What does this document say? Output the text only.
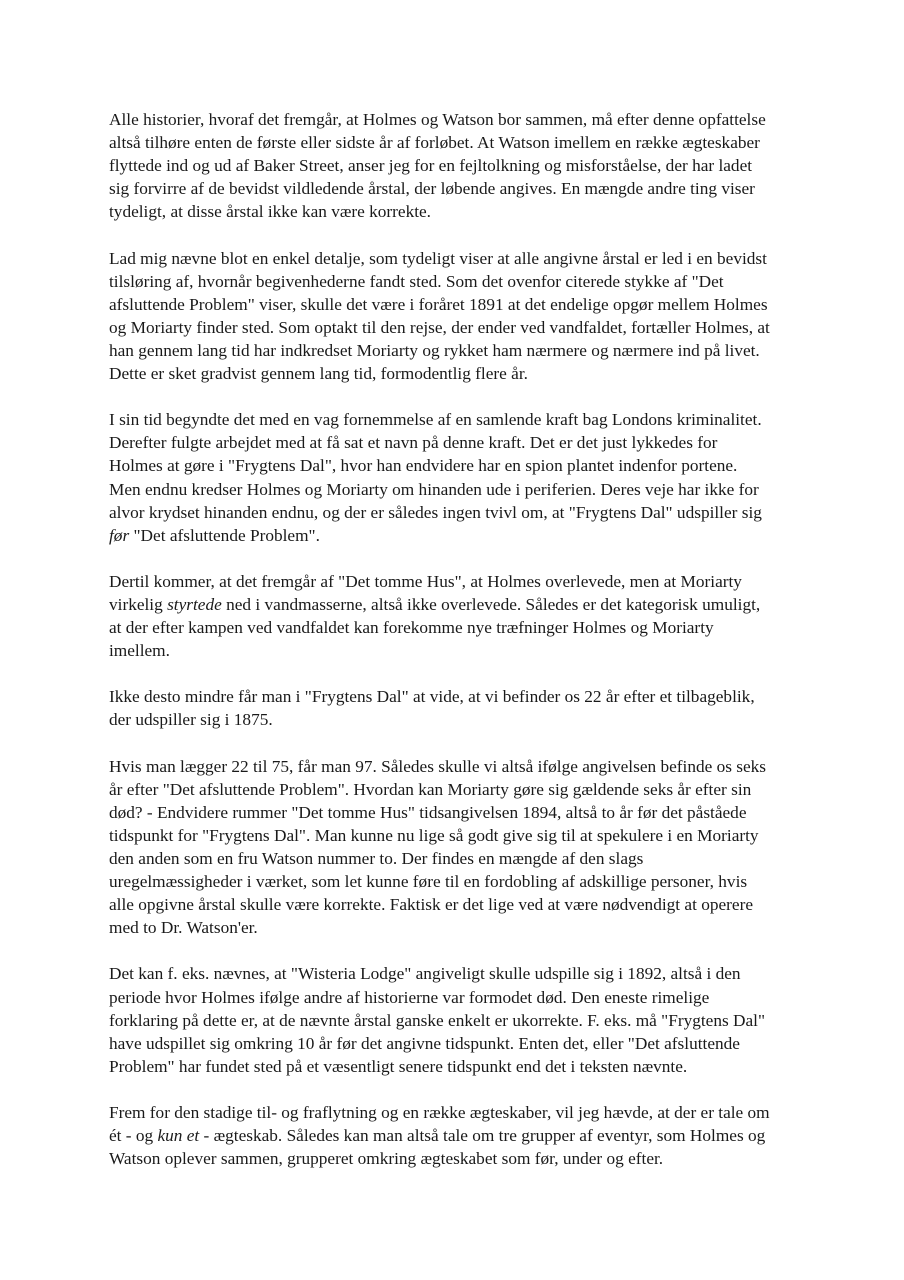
Alle historier, hvoraf det fremgår, at Holmes og Watson bor sammen, må efter denne opfattelse
altså tilhøre enten de første eller sidste år af forløbet. At Watson imellem en række ægteskaber
flyttede ind og ud af Baker Street, anser jeg for en fejltolkning og misforståelse, der har ladet
sig forvirre af de bevidst vildledende årstal, der løbende angives. En mængde andre ting viser
tydeligt, at disse årstal ikke kan være korrekte.

Lad mig nævne blot en enkel detalje, som tydeligt viser at alle angivne årstal er led i en bevidst
tilsløring af, hvornår begivenhederne fandt sted. Som det ovenfor citerede stykke af "Det
afsluttende Problem" viser, skulle det være i foråret 1891 at det endelige opgør mellem Holmes
og Moriarty finder sted. Som optakt til den rejse, der ender ved vandfaldet, fortæller Holmes, at
han gennem lang tid har indkredset Moriarty og rykket ham nærmere og nærmere ind på livet.
Dette er sket gradvist gennem lang tid, formodentlig flere år.

I sin tid begyndte det med en vag fornemmelse af en samlende kraft bag Londons kriminalitet.
Derefter fulgte arbejdet med at få sat et navn på denne kraft. Det er det just lykkedes for
Holmes at gøre i "Frygtens Dal", hvor han endvidere har en spion plantet indenfor portene.
Men endnu kredser Holmes og Moriarty om hinanden ude i periferien. Deres veje har ikke for
alvor krydset hinanden endnu, og der er således ingen tvivl om, at "Frygtens Dal" udspiller sig
før "Det afsluttende Problem".

Dertil kommer, at det fremgår af "Det tomme Hus", at Holmes overlevede, men at Moriarty
virkelig styrtede ned i vandmasserne, altså ikke overlevede. Således er det kategorisk umuligt,
at der efter kampen ved vandfaldet kan forekomme nye træfninger Holmes og Moriarty
imellem.

Ikke desto mindre får man i "Frygtens Dal" at vide, at vi befinder os 22 år efter et tilbageblik,
der udspiller sig i 1875.

Hvis man lægger 22 til 75, får man 97. Således skulle vi altså ifølge angivelsen befinde os seks
år efter "Det afsluttende Problem". Hvordan kan Moriarty gøre sig gældende seks år efter sin
død? - Endvidere rummer "Det tomme Hus" tidsangivelsen 1894, altså to år før det påståede
tidspunkt for "Frygtens Dal". Man kunne nu lige så godt give sig til at spekulere i en Moriarty
den anden som en fru Watson nummer to. Der findes en mængde af den slags
uregelmæssigheder i værket, som let kunne føre til en fordobling af adskillige personer, hvis
alle opgivne årstal skulle være korrekte. Faktisk er det lige ved at være nødvendigt at operere
med to Dr. Watson'er.

Det kan f. eks. nævnes, at "Wisteria Lodge" angiveligt skulle udspille sig i 1892, altså i den
periode hvor Holmes ifølge andre af historierne var formodet død. Den eneste rimelige
forklaring på dette er, at de nævnte årstal ganske enkelt er ukorrekte. F. eks. må "Frygtens Dal"
have udspillet sig omkring 10 år før det angivne tidspunkt. Enten det, eller "Det afsluttende
Problem" har fundet sted på et væsentligt senere tidspunkt end det i teksten nævnte.

Frem for den stadige til- og fraflytning og en række ægteskaber, vil jeg hævde, at der er tale om
ét - og kun et - ægteskab. Således kan man altså tale om tre grupper af eventyr, som Holmes og
Watson oplever sammen, grupperet omkring ægteskabet som før, under og efter.
